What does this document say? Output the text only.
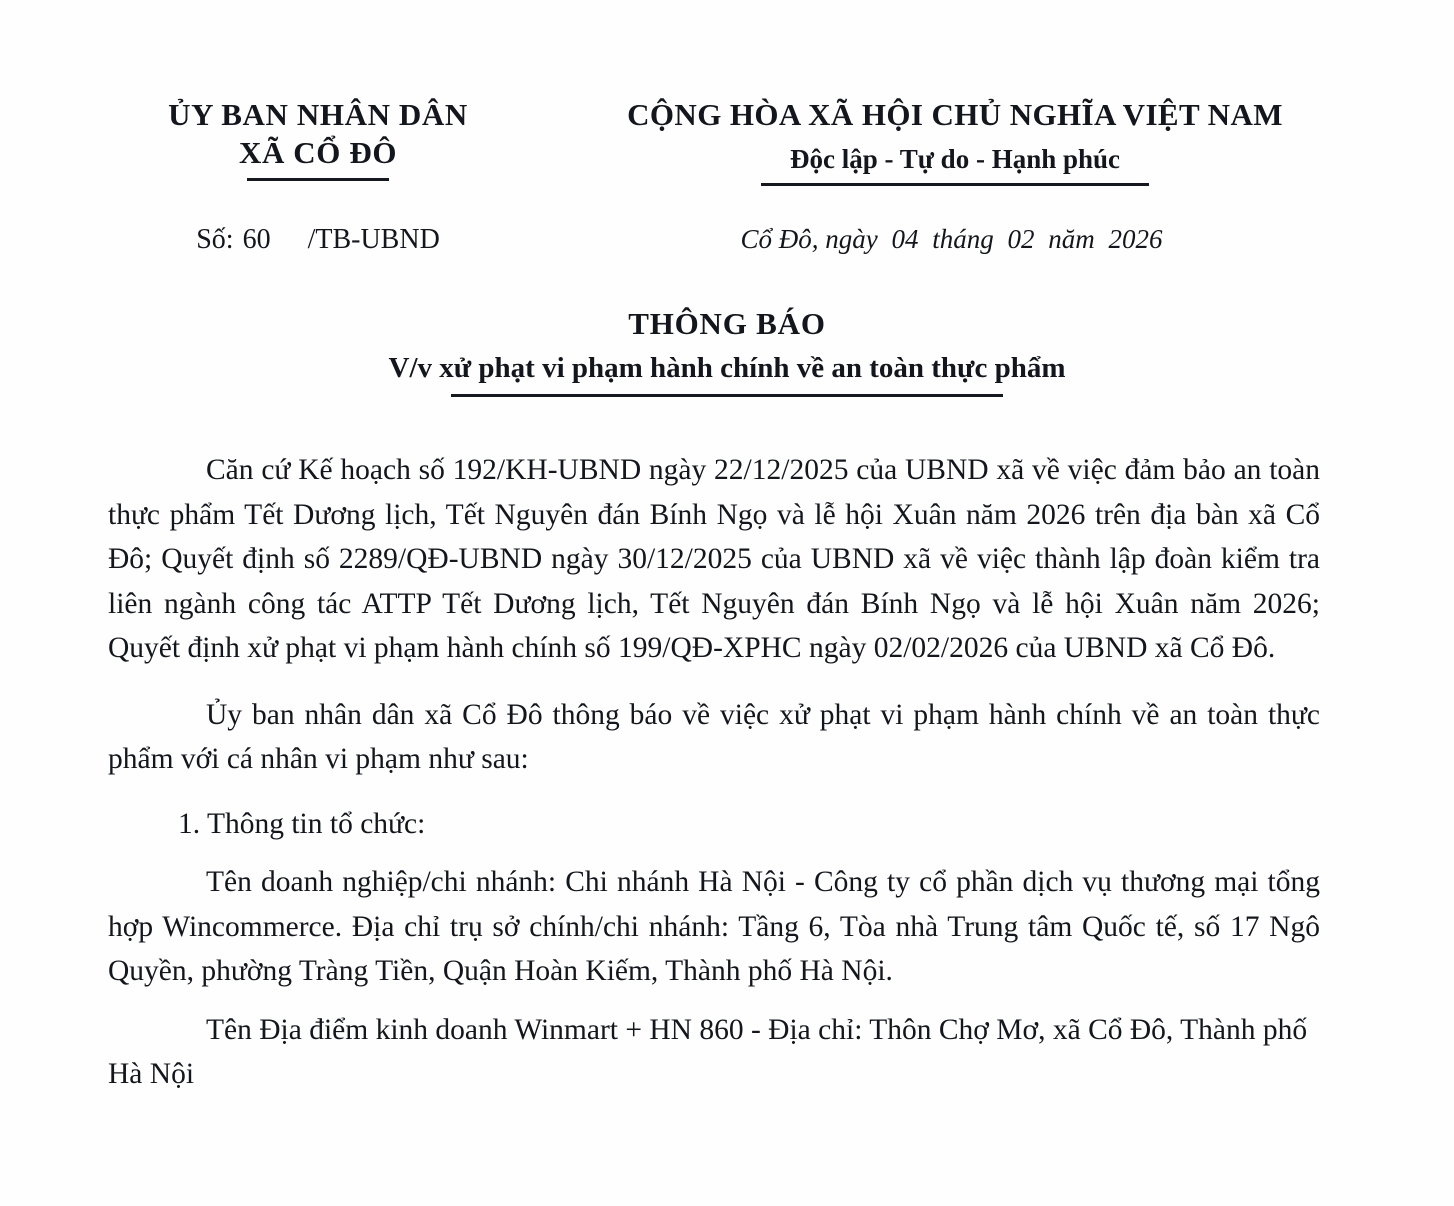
ỦY BAN NHÂN DÂN
XÃ CỔ ĐÔ
CỘNG HÒA XÃ HỘI CHỦ NGHĨA VIỆT NAM
Độc lập - Tự do - Hạnh phúc
Số: 60 /TB-UBND	Cổ Đô, ngày 04 tháng 02 năm 2026
THÔNG BÁO
V/v xử phạt vi phạm hành chính về an toàn thực phẩm

Căn cứ Kế hoạch số 192/KH-UBND ngày 22/12/2025 của UBND xã về việc đảm bảo an toàn thực phẩm Tết Dương lịch, Tết Nguyên đán Bính Ngọ và lễ hội Xuân năm 2026 trên địa bàn xã Cổ Đô; Quyết định số 2289/QĐ-UBND ngày 30/12/2025 của UBND xã về việc thành lập đoàn kiểm tra liên ngành công tác ATTP Tết Dương lịch, Tết Nguyên đán Bính Ngọ và lễ hội Xuân năm 2026; Quyết định xử phạt vi phạm hành chính số 199/QĐ-XPHC ngày 02/02/2026 của UBND xã Cổ Đô.

Ủy ban nhân dân xã Cổ Đô thông báo về việc xử phạt vi phạm hành chính về an toàn thực phẩm với cá nhân vi phạm như sau:

1. Thông tin tổ chức:

Tên doanh nghiệp/chi nhánh: Chi nhánh Hà Nội - Công ty cổ phần dịch vụ thương mại tổng hợp Wincommerce. Địa chỉ trụ sở chính/chi nhánh: Tầng 6, Tòa nhà Trung tâm Quốc tế, số 17 Ngô Quyền, phường Tràng Tiền, Quận Hoàn Kiếm, Thành phố Hà Nội.

Tên Địa điểm kinh doanh Winmart + HN 860 - Địa chỉ: Thôn Chợ Mơ, xã Cổ Đô, Thành phố Hà Nội
